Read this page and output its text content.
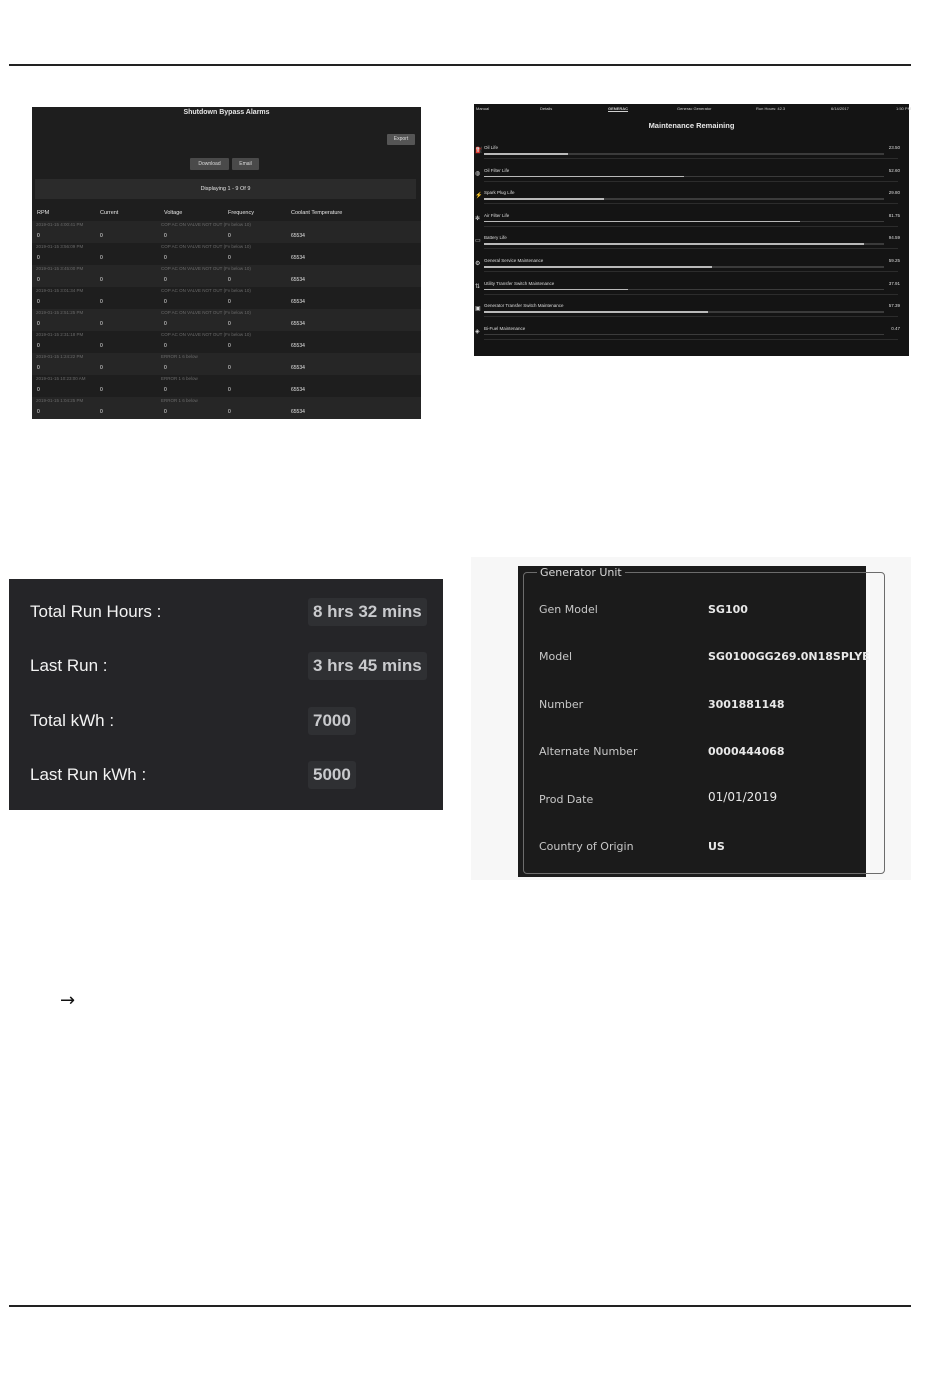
Shutdown Bypass Alarms
Export
Download	Email
Displaying 1 - 9 Of 9
RPM	Current	Voltage	Frequency	Coolant Temperature
2019-01-15 4:00:41 PM	COP AC ON VALVE NOT OUT (Fv below 10)
0	0	0	0	65534
2019-01-15 3:56:09 PM	COP AC ON VALVE NOT OUT (Fv below 10)
0	0	0	0	65534
2019-01-15 3:45:00 PM	COP AC ON VALVE NOT OUT (Fv below 10)
0	0	0	0	65534
2019-01-15 3:01:34 PM	COP AC ON VALVE NOT OUT (Fv below 10)
0	0	0	0	65534
2019-01-15 2:51:25 PM	COP AC ON VALVE NOT OUT (Fv below 10)
0	0	0	0	65534
2019-01-15 2:31:18 PM	COP AC ON VALVE NOT OUT (Fv below 10)
0	0	0	0	65534
2019-01-15 1:24:22 PM	ERROR 1 6 below
0	0	0	0	65534
2019-01-15 10:23:00 AM	ERROR 1 6 below
0	0	0	0	65534
2019-01-15 1:04:25 PM	ERROR 1 6 below
0	0	0	0	65534
Manual	Details	GENERAC	Generac Generator	Run Hours: 42.3	6/14/2017	1:50 PM
Maintenance Remaining
⛽
Oil Life	23.50
◍
Oil Filter Life	52.60
⚡
Spark Plug Life	29.80
✻
Air Filter Life	81.75
▭
Battery Life	94.59
⚙
General Service Maintenance	59.25
⇅
Utility Transfer Switch Maintenance	37.91
▣
Generator Transfer Switch Maintenance	57.39
◈
Bi-Fuel Maintenance	0.47
Total Run Hours :	8 hrs 32 mins
Last Run :	3 hrs 45 mins
Total kWh :	7000
Last Run kWh :	5000
Generator Unit
Gen Model	SG100
Model	SG0100GG269.0N18SPLYE
Number	3001881148
Alternate Number	0000444068
Prod Date	01/01/2019
Country of Origin	US
→
